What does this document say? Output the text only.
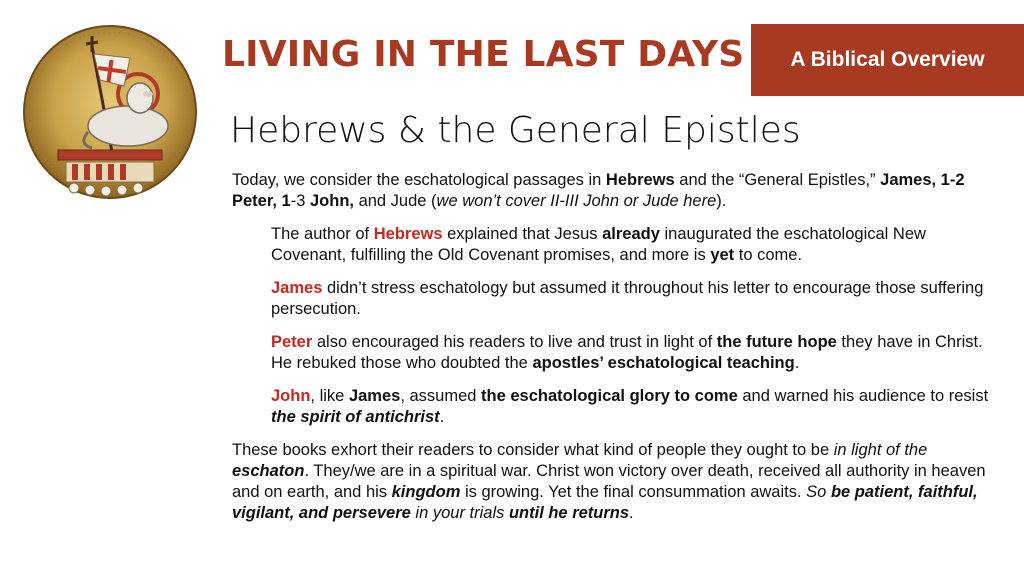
LIVING IN THE LAST DAYS	A Biblical Overview
Hebrews & the General Epistles

Today, we consider the eschatological passages in Hebrews and the “General Epistles,” James, 1-2 Peter, 1-3 John, and Jude (we won’t cover II-III John or Jude here).

The author of Hebrews explained that Jesus already inaugurated the eschatological New Covenant, fulfilling the Old Covenant promises, and more is yet to come.

James didn’t stress eschatology but assumed it throughout his letter to encourage those suffering persecution.

Peter also encouraged his readers to live and trust in light of the future hope they have in Christ. He rebuked those who doubted the apostles’ eschatological teaching.

John, like James, assumed the eschatological glory to come and warned his audience to resist the spirit of antichrist.

These books exhort their readers to consider what kind of people they ought to be in light of the eschaton. They/we are in a spiritual war. Christ won victory over death, received all authority in heaven and on earth, and his kingdom is growing. Yet the final consummation awaits. So be patient, faithful, vigilant, and persevere in your trials until he returns.
